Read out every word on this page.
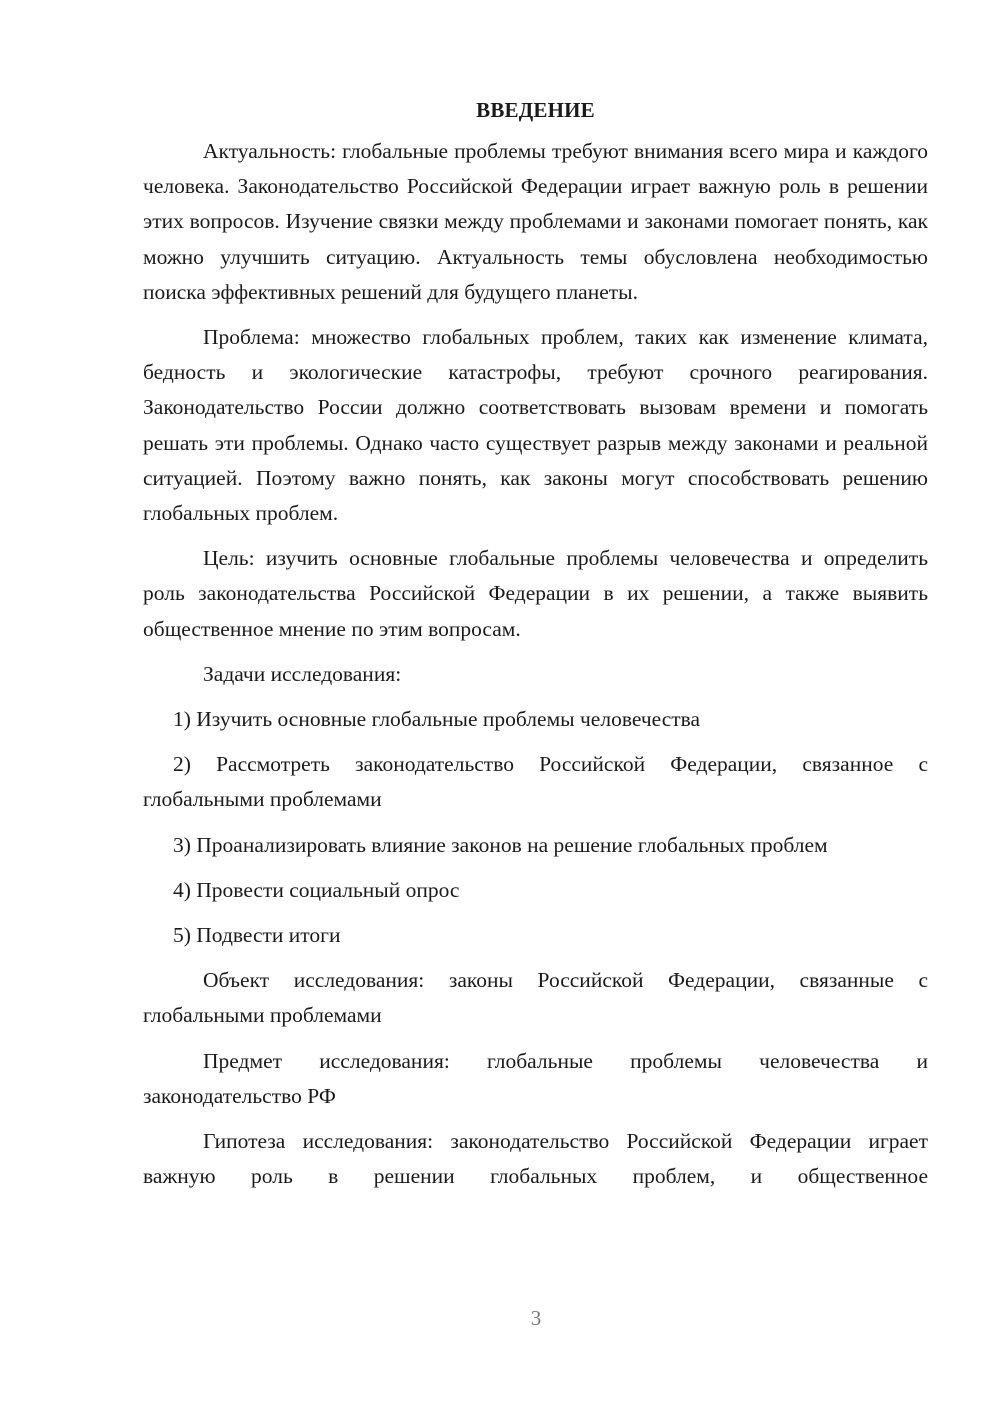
ВВЕДЕНИЕ

Актуальность: глобальные проблемы требуют внимания всего мира и каждого человека. Законодательство Российской Федерации играет важную роль в решении этих вопросов. Изучение связки между проблемами и законами помогает понять, как можно улучшить ситуацию. Актуальность темы обусловлена необходимостью поиска эффективных решений для будущего планеты.

Проблема: множество глобальных проблем, таких как изменение климата, бедность и экологические катастрофы, требуют срочного реагирования. Законодательство России должно соответствовать вызовам времени и помогать решать эти проблемы. Однако часто существует разрыв между законами и реальной ситуацией. Поэтому важно понять, как законы могут способствовать решению глобальных проблем.

Цель: изучить основные глобальные проблемы человечества и определить роль законодательства Российской Федерации в их решении, а также выявить общественное мнение по этим вопросам.

Задачи исследования:

1) Изучить основные глобальные проблемы человечества

2) Рассмотреть законодательство Российской Федерации, связанное с глобальными проблемами

3) Проанализировать влияние законов на решение глобальных проблем

4) Провести социальный опрос

5) Подвести итоги

Объект исследования: законы Российской Федерации, связанные с глобальными проблемами

Предмет исследования: глобальные проблемы человечества и законодательство РФ

Гипотеза исследования: законодательство Российской Федерации играет важную роль в решении глобальных проблем, и общественное

3
